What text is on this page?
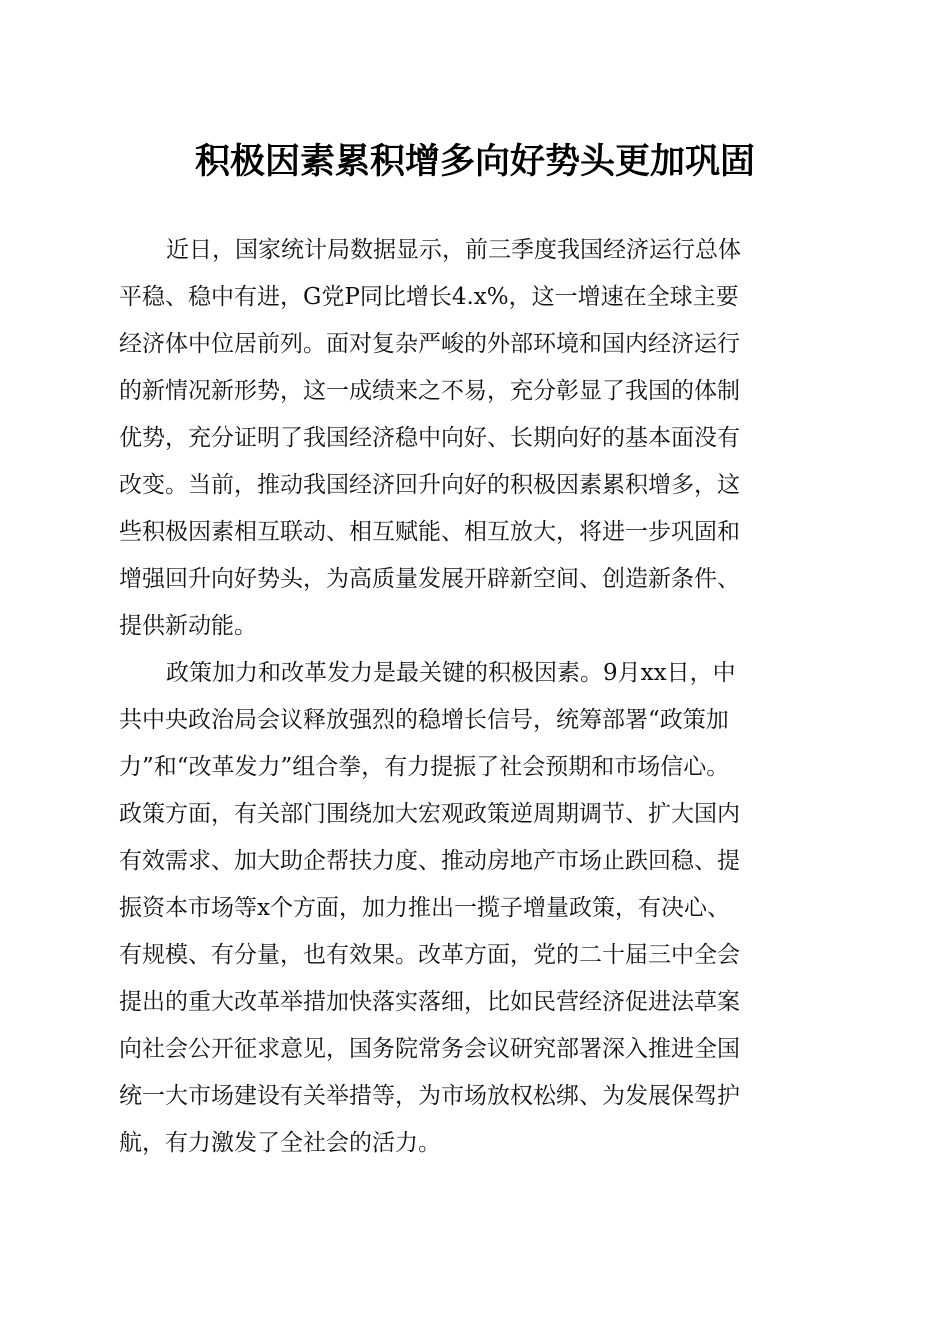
积极因素累积增多向好势头更加巩固
近日，国家统计局数据显示，前三季度我国经济运行总体
平稳、稳中有进，G党P同比增长4.x%，这一增速在全球主要
经济体中位居前列。面对复杂严峻的外部环境和国内经济运行
的新情况新形势，这一成绩来之不易，充分彰显了我国的体制
优势，充分证明了我国经济稳中向好、长期向好的基本面没有
改变。当前，推动我国经济回升向好的积极因素累积增多，这
些积极因素相互联动、相互赋能、相互放大，将进一步巩固和
增强回升向好势头，为高质量发展开辟新空间、创造新条件、
提供新动能。
政策加力和改革发力是最关键的积极因素。9月xx日，中
共中央政治局会议释放强烈的稳增长信号，统筹部署“政策加
力”和“改革发力”组合拳，有力提振了社会预期和市场信心。
政策方面，有关部门围绕加大宏观政策逆周期调节、扩大国内
有效需求、加大助企帮扶力度、推动房地产市场止跌回稳、提
振资本市场等x个方面，加力推出一揽子增量政策，有决心、
有规模、有分量，也有效果。改革方面，党的二十届三中全会
提出的重大改革举措加快落实落细，比如民营经济促进法草案
向社会公开征求意见，国务院常务会议研究部署深入推进全国
统一大市场建设有关举措等，为市场放权松绑、为发展保驾护
航，有力激发了全社会的活力。
